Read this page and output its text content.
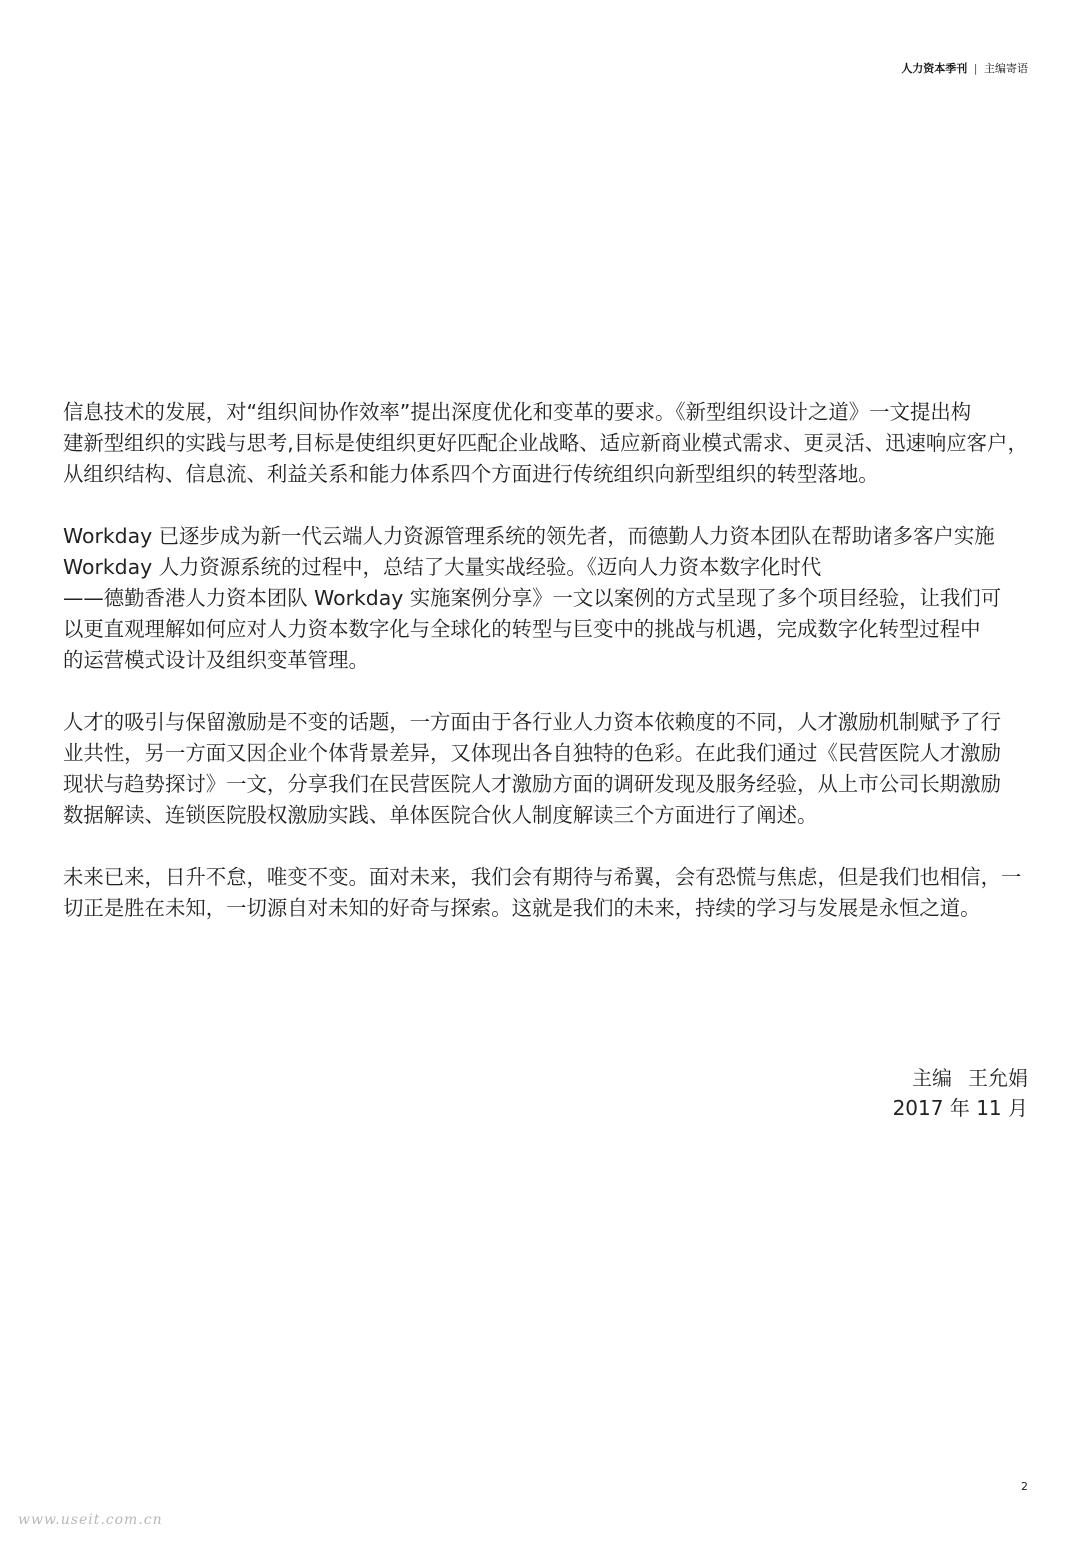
人力资本季刊 | 主编寄语

信息技术的发展，对“组织间协作效率”提出深度优化和变革的要求。《新型组织设计之道》一文提出构
建新型组织的实践与思考,目标是使组织更好匹配企业战略、适应新商业模式需求、更灵活、迅速响应客户，
从组织结构、信息流、利益关系和能力体系四个方面进行传统组织向新型组织的转型落地。

Workday 已逐步成为新一代云端人力资源管理系统的领先者，而德勤人力资本团队在帮助诸多客户实施
Workday 人力资源系统的过程中，总结了大量实战经验。《迈向人力资本数字化时代
——德勤香港人力资本团队 Workday 实施案例分享》一文以案例的方式呈现了多个项目经验，让我们可
以更直观理解如何应对人力资本数字化与全球化的转型与巨变中的挑战与机遇，完成数字化转型过程中
的运营模式设计及组织变革管理。

人才的吸引与保留激励是不变的话题，一方面由于各行业人力资本依赖度的不同，人才激励机制赋予了行
业共性，另一方面又因企业个体背景差异，又体现出各自独特的色彩。在此我们通过《民营医院人才激励
现状与趋势探讨》一文，分享我们在民营医院人才激励方面的调研发现及服务经验，从上市公司长期激励
数据解读、连锁医院股权激励实践、单体医院合伙人制度解读三个方面进行了阐述。

未来已来，日升不怠，唯变不变。面对未来，我们会有期待与希翼，会有恐慌与焦虑，但是我们也相信，一
切正是胜在未知，一切源自对未知的好奇与探索。这就是我们的未来，持续的学习与发展是永恒之道。

主编 王允娟
2017 年 11 月
2
www.useit.com.cn
